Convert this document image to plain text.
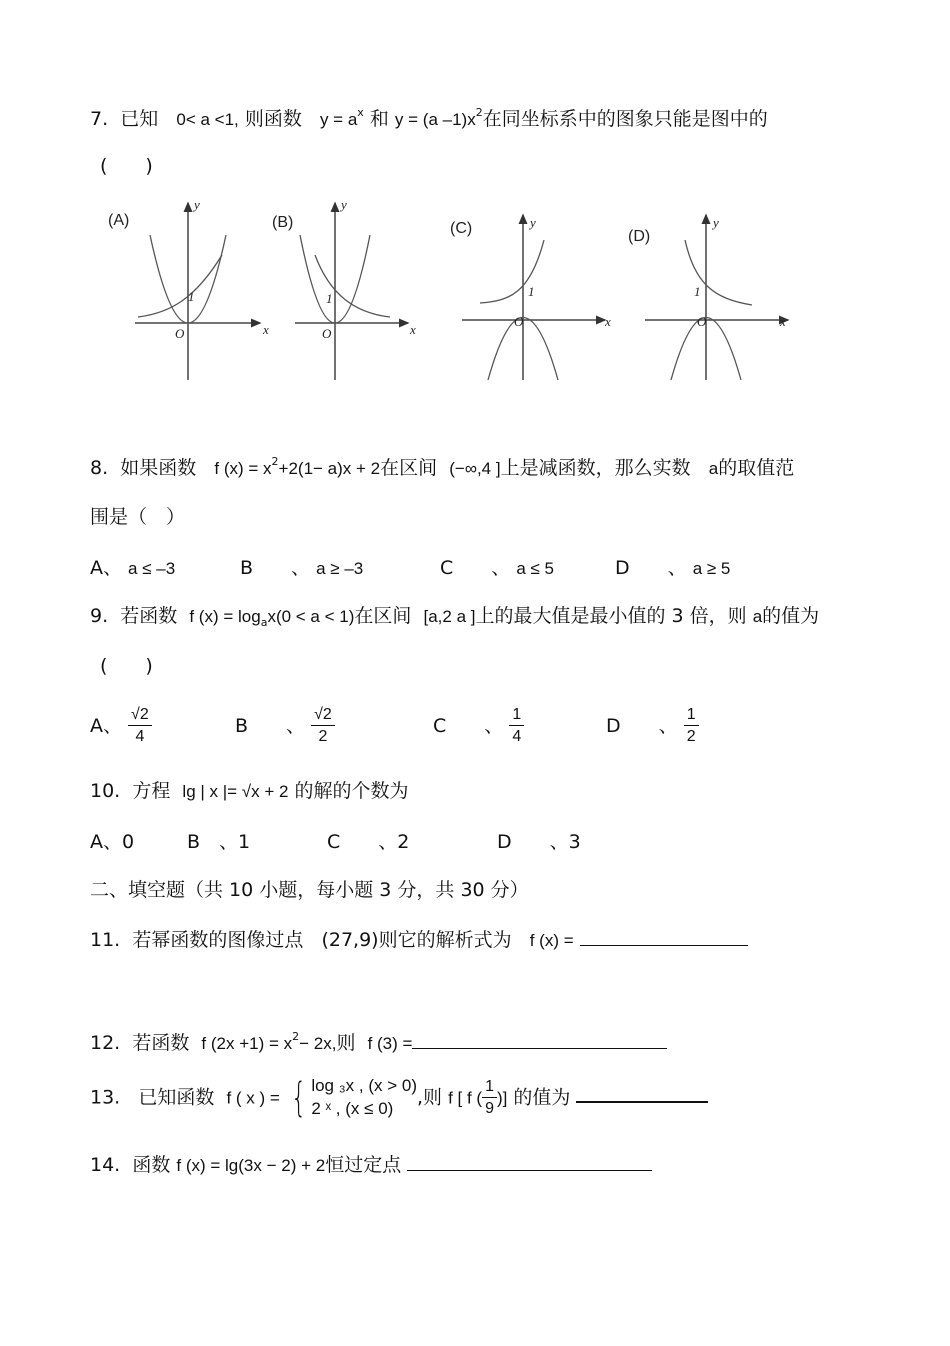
7. 已知 0< a <1, 则函数 $y = a^x$ 和 y = (a $-1)x^2$在同坐标系中的图象只能是图中的
(　　)
(A)
y
x
O
1
(B)
y
x
O
1
(C)	y
x
O
1
(D)
y
x
O
1
8. 如果函数 f $(x) = x^2+2(1- a)x + 2$在区间 (−∞,4 ]上是减函数，那么实数 a的取值范
围是（　）
A、 a ≤ –3	B　　、 a ≥ –3	C　　、 a ≤ 5	D　　、 a ≥ 5
9. 若函数 f $(x) = \log_ax(0 < a < 1)$在区间 [a,2 a ]上的最大值是最小值的 3 倍，则 a的值为
(　　)
A、 $\frac{√2}{4}$	B　　、 $\frac{√2}{2}$	C　　、 $\frac{1}{4}$	D　　、 $\frac{1}{2}$
10. 方程 lg | x |= √x + 2 的解的个数为
A、0	B　、1	C　　、2	D　　、3
二、填空题（共 10 小题，每小题 3 分，共 30 分）
11. 若幂函数的图像过点 (27,9)则它的解析式为 f (x) =
12. 若函数 f $(2x +1) = x^2- 2x$,则 f (3) =
13. 已知函数 f ( x ) = { log ₃x , (x > 0)
2 ˣ , (x ≤ 0)	,则 f [ f ( $\frac{1}{9}$ )] 的值为
14. 函数 f (x) = lg(3x − 2) + 2恒过定点
